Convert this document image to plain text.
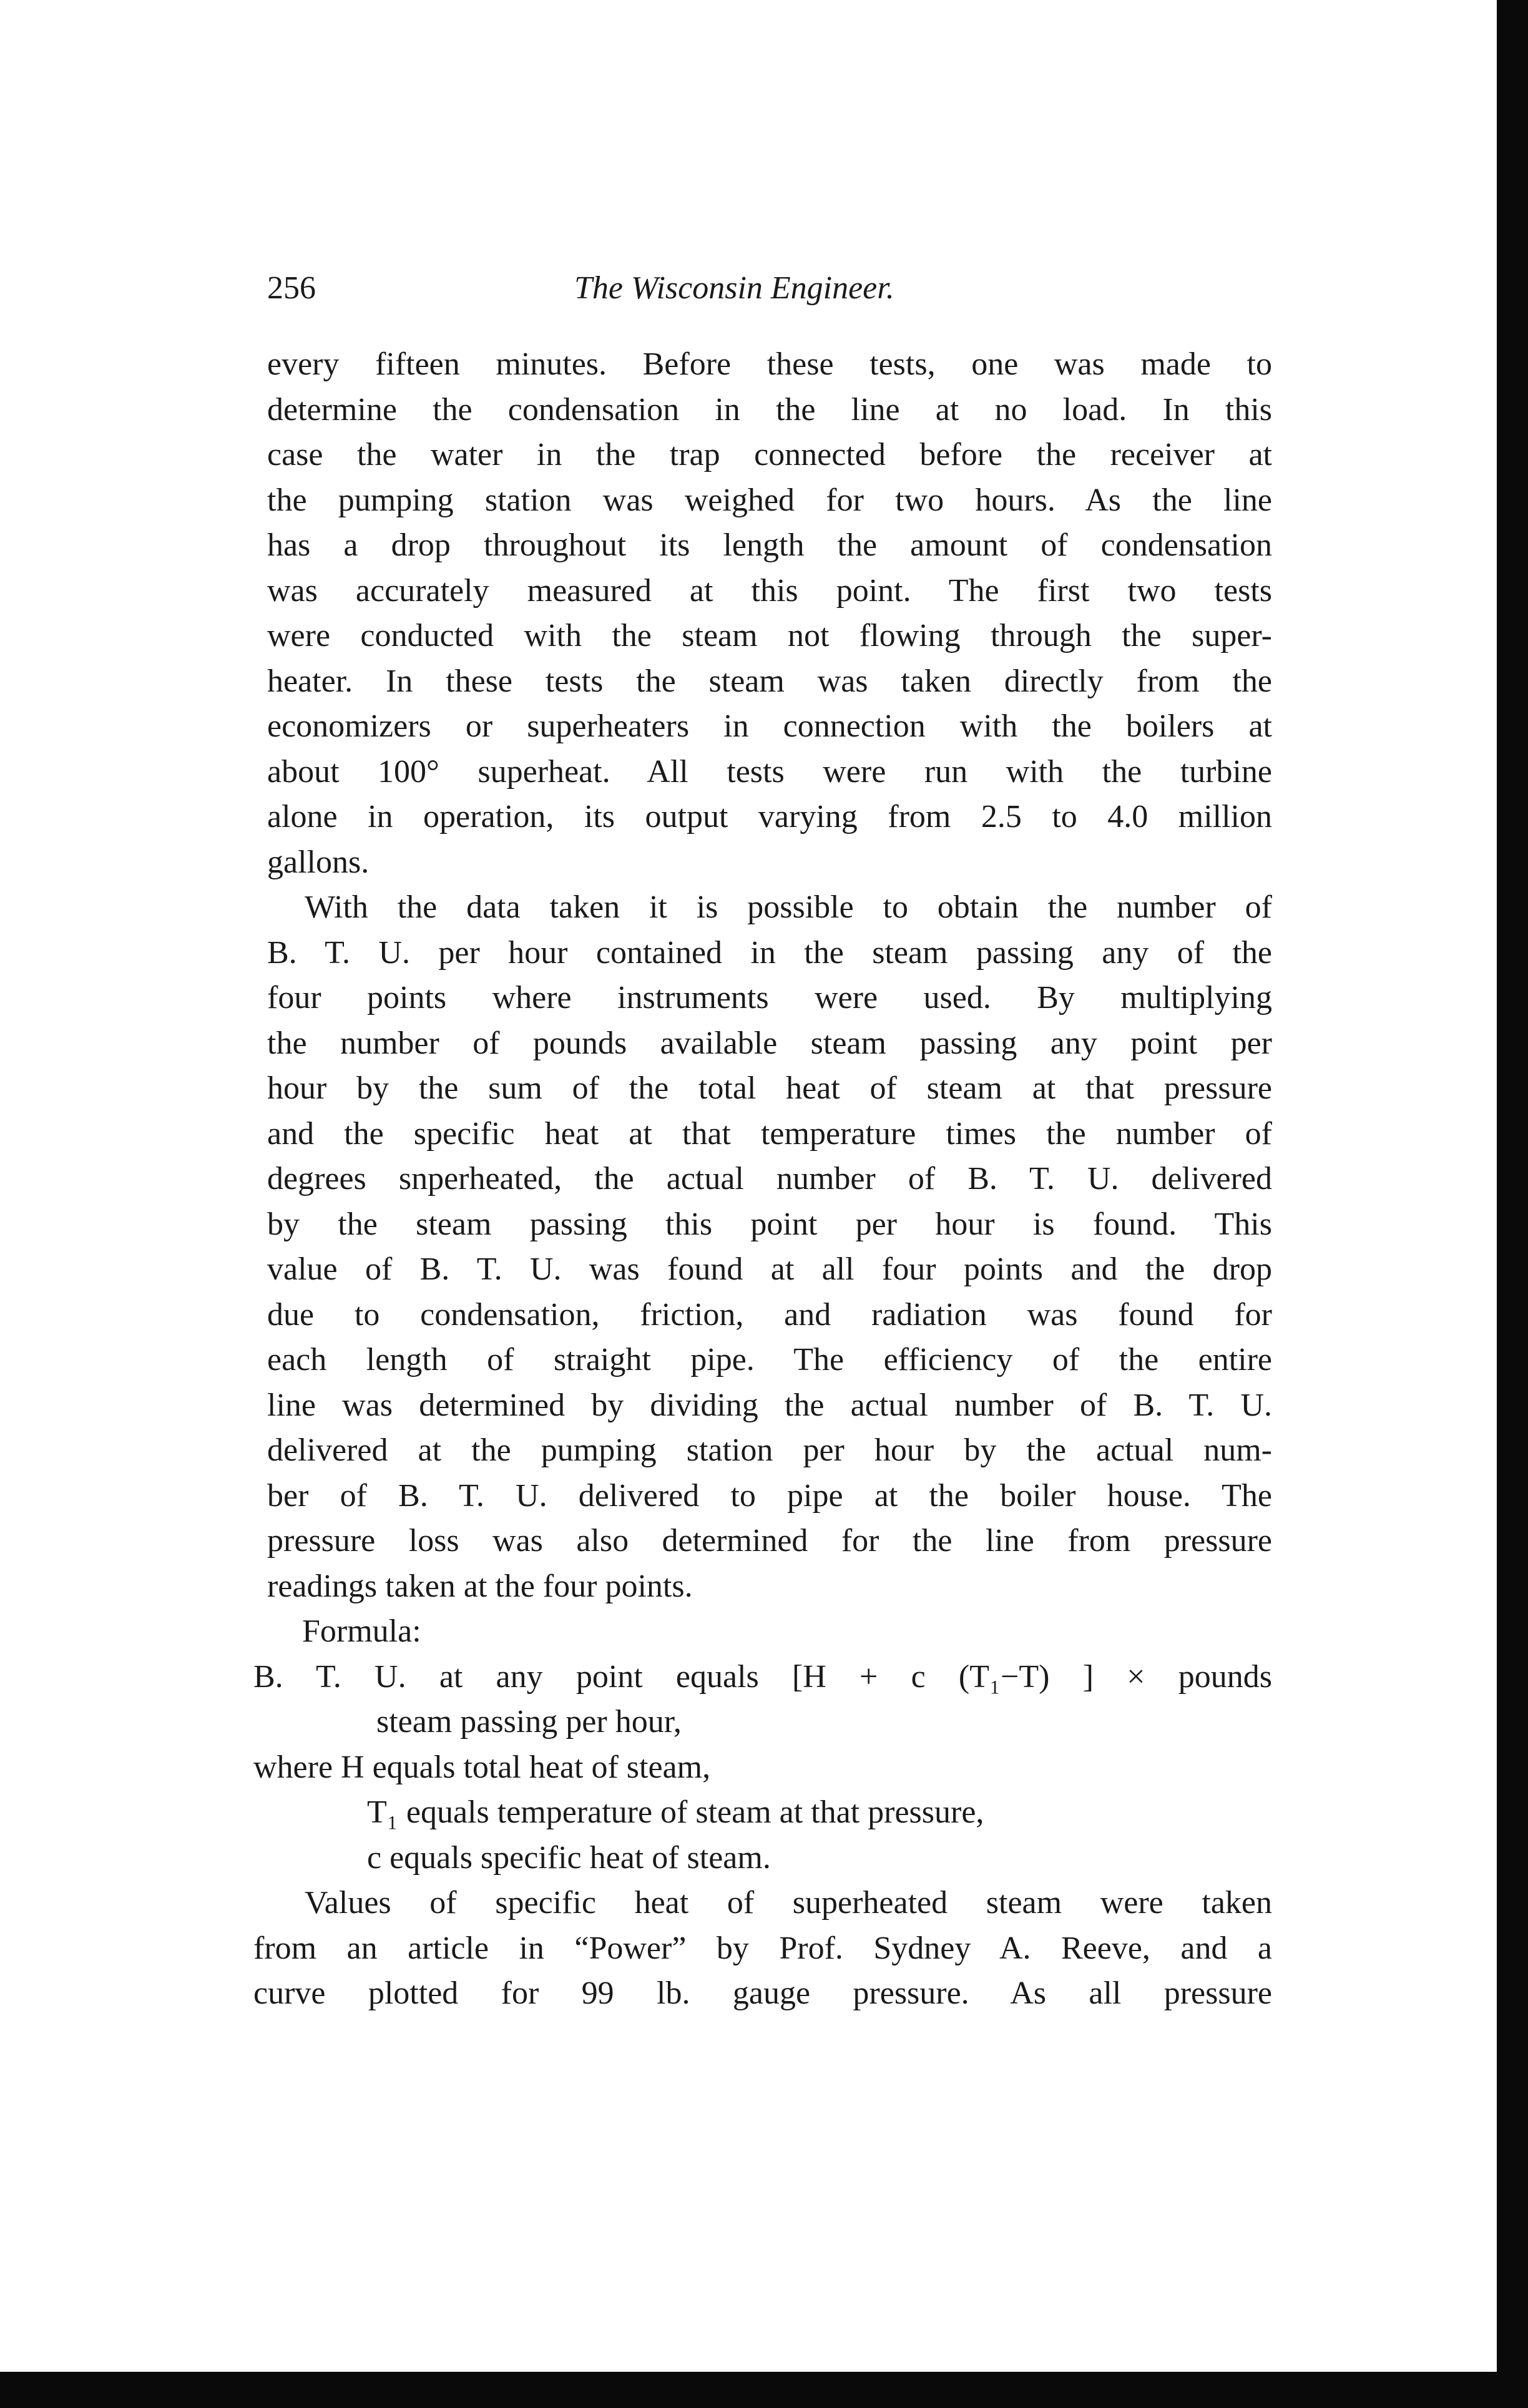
256	The Wisconsin Engineer.
every fifteen minutes. Before these tests, one was made to
determine the condensation in the line at no load. In this
case the water in the trap connected before the receiver at
the pumping station was weighed for two hours. As the line
has a drop throughout its length the amount of condensation
was accurately measured at this point. The first two tests
were conducted with the steam not flowing through the super-
heater. In these tests the steam was taken directly from the
economizers or superheaters in connection with the boilers at
about 100° superheat. All tests were run with the turbine
alone in operation, its output varying from 2.5 to 4.0 million
gallons.
With the data taken it is possible to obtain the number of
B. T. U. per hour contained in the steam passing any of the
four points where instruments were used. By multiplying
the number of pounds available steam passing any point per
hour by the sum of the total heat of steam at that pressure
and the specific heat at that temperature times the number of
degrees snperheated, the actual number of B. T. U. delivered
by the steam passing this point per hour is found. This
value of B. T. U. was found at all four points and the drop
due to condensation, friction, and radiation was found for
each length of straight pipe. The efficiency of the entire
line was determined by dividing the actual number of B. T. U.
delivered at the pumping station per hour by the actual num-
ber of B. T. U. delivered to pipe at the boiler house. The
pressure loss was also determined for the line from pressure
readings taken at the four points.
Formula:
B. T. U. at any point equals [H + c (T₁−T) ] × pounds
steam passing per hour,
where H equals total heat of steam,
T₁ equals temperature of steam at that pressure,
c equals specific heat of steam.
Values of specific heat of superheated steam were taken
from an article in “Power” by Prof. Sydney A. Reeve, and a
curve plotted for 99 lb. gauge pressure. As all pressure
